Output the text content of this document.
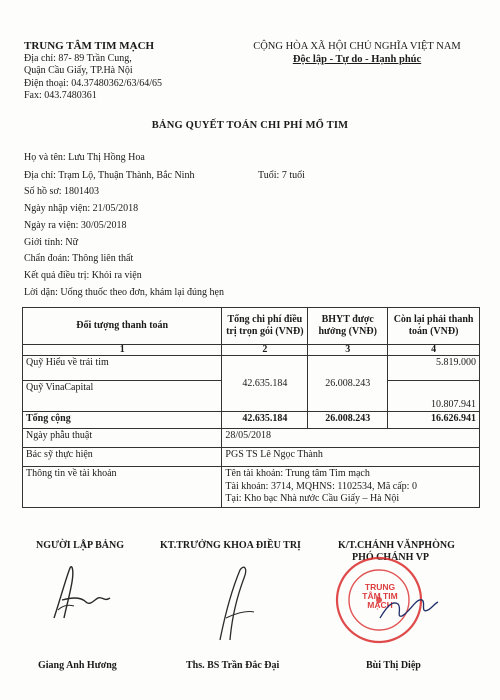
TRUNG TÂM TIM MẠCH
Địa chỉ: 87- 89 Trần Cung,
Quận Cầu Giấy, TP.Hà Nội
Điện thoại: 04.37480362/63/64/65
Fax: 043.7480361
CỘNG HÒA XÃ HỘI CHỦ NGHĨA VIỆT NAM
Độc lập - Tự do - Hạnh phúc
BẢNG QUYẾT TOÁN CHI PHÍ MỔ TIM
Họ và tên: Lưu Thị Hồng Hoa
Địa chỉ: Trạm Lộ, Thuận Thành, Bắc Ninh	Tuổi: 7 tuổi
Số hồ sơ: 1801403
Ngày nhập viện: 21/05/2018
Ngày ra viện: 30/05/2018
Giới tính: Nữ
Chẩn đoán: Thông liên thất
Kết quả điều trị: Khỏi ra viện
Lời dặn: Uống thuốc theo đơn, khám lại đúng hẹn
Đối tượng thanh toán	Tổng chi phí điều trị trọn gói (VNĐ)	BHYT được hưởng (VNĐ)	Còn lại phải thanh toán (VNĐ)
1	2	3	4
Quỹ Hiểu về trái tim	42.635.184	26.008.243	5.819.000
Quỹ VinaCapital			10.807.941
Tổng cộng	42.635.184	26.008.243	16.626.941
Ngày phẫu thuật	28/05/2018		
Bác sỹ thực hiện	PGS TS Lê Ngọc Thành		
Thông tin về tài khoản	Tên tài khoản: Trung tâm Tim mạch
Tài khoản: 3714, MQHNS: 1102534, Mã cấp: 0
Tại: Kho bạc Nhà nước Cầu Giấy – Hà Nội		
NGƯỜI LẬP BẢNG	KT.TRƯỞNG KHOA ĐIỀU TRỊ	K/T.CHÁNH VĂNPHÒNG
PHÓ CHÁNH VP
TRUNG TÂM TIM MẠCH
Giang Anh Hương	Ths. BS Trần Đắc Đại	Bùi Thị Diệp
